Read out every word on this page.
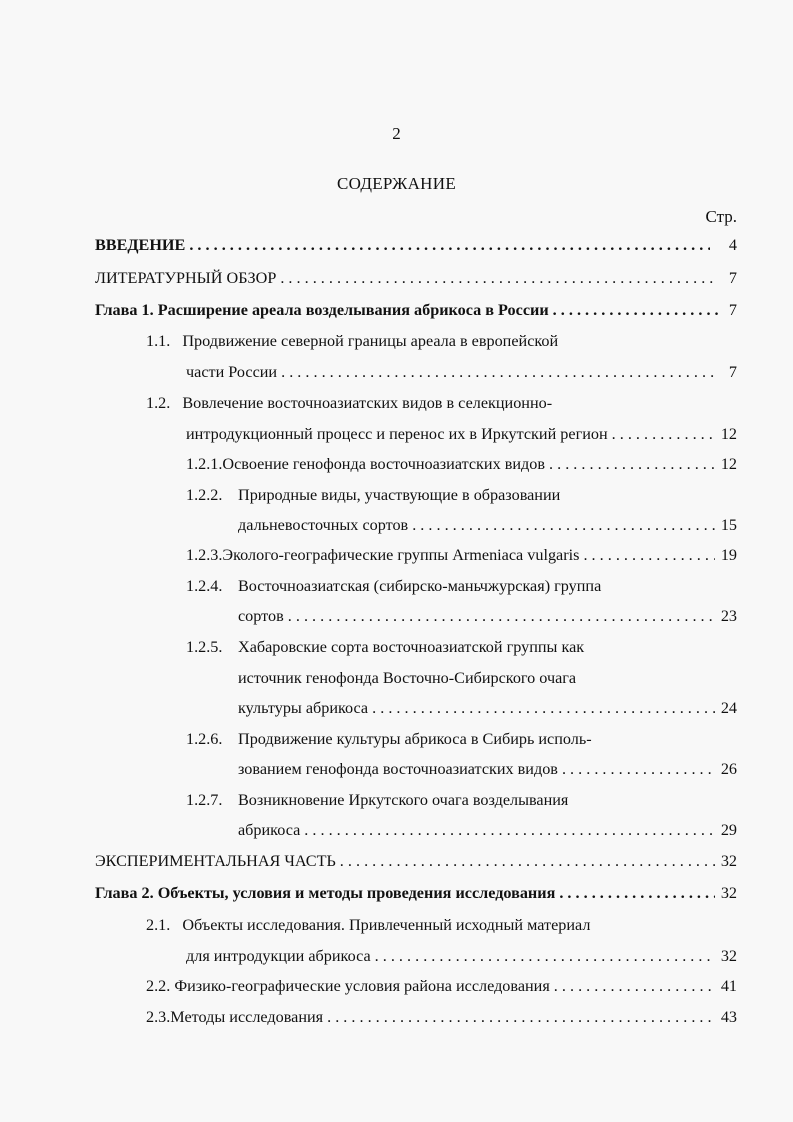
2
СОДЕРЖАНИЕ
Стр.
ВВЕДЕНИЕ . . .	4
ЛИТЕРАТУРНЫЙ ОБЗОР . . .	7
Глава 1. Расширение ареала возделывания абрикоса в России . . .	7
1.1. Продвижение северной границы ареала в европейской
части России . . .	7
1.2. Вовлечение восточноазиатских видов в селекционно-
интродукционный процесс и перенос их в Иркутский регион . . .	12
1.2.1. Освоение генофонда восточноазиатских видов . . .	12
1.2.2. Природные виды, участвующие в образовании
дальневосточных сортов . . .	15
1.2.3. Эколого-географические группы Armeniaca vulgaris . . .	19
1.2.4. Восточноазиатская (сибирско-маньчжурская) группа
сортов . . .	23
1.2.5. Хабаровские сорта восточноазиатской группы как
источник генофонда Восточно-Сибирского очага
культуры абрикоса . . .	24
1.2.6. Продвижение культуры абрикоса в Сибирь исполь-
зованием генофонда восточноазиатских видов . . .	26
1.2.7. Возникновение Иркутского очага возделывания
абрикоса . . .	29
ЭКСПЕРИМЕНТАЛЬНАЯ ЧАСТЬ . . .	32
Глава 2. Объекты, условия и методы проведения исследования . . .	32
2.1. Объекты исследования. Привлеченный исходный материал
для интродукции абрикоса . . .	32
2.2. Физико-географические условия района исследования . . .	41
2.3. Методы исследования . . .	43
